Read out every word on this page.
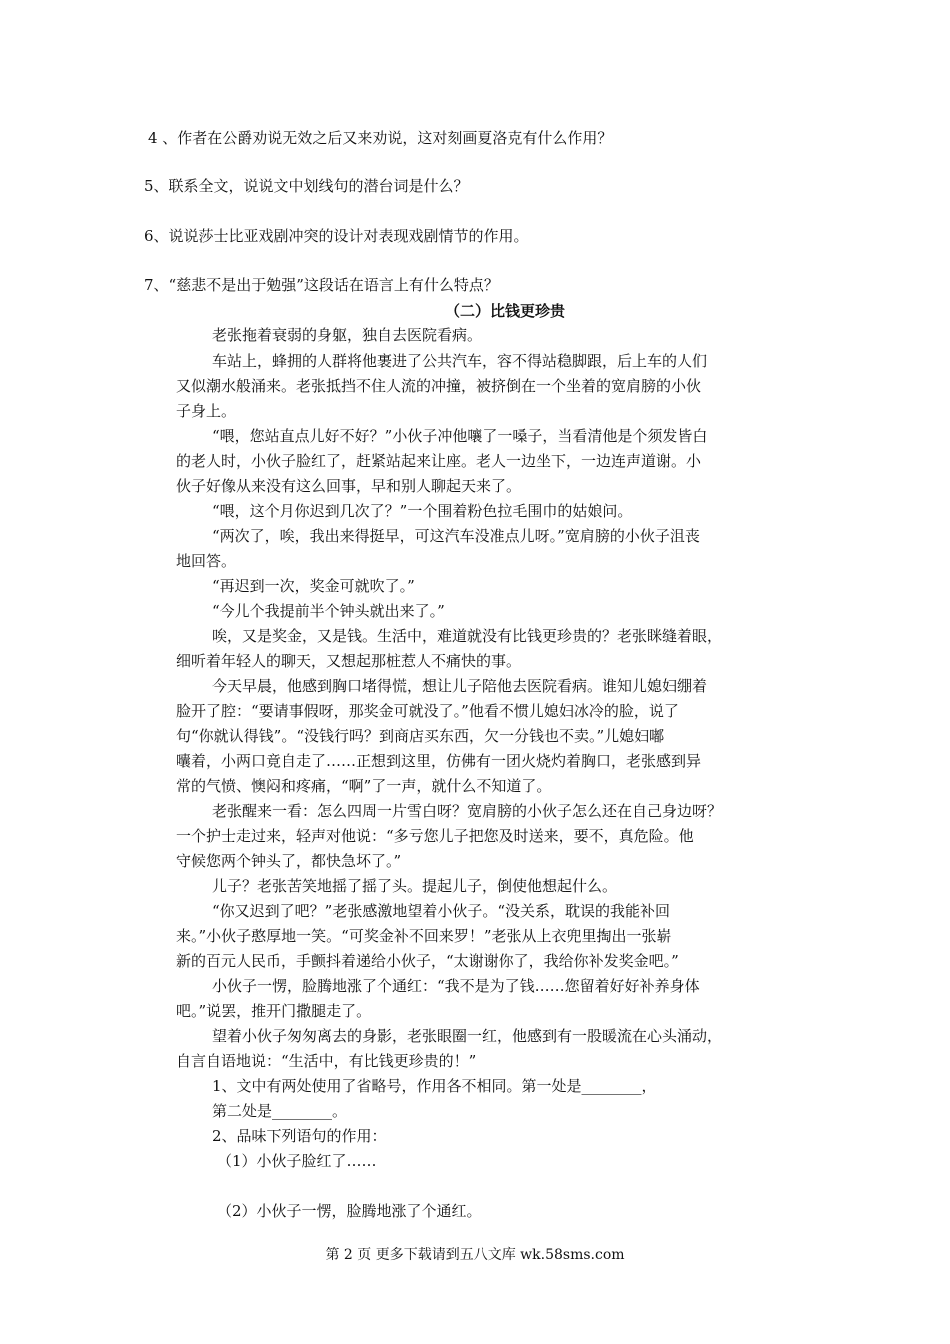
4 、作者在公爵劝说无效之后又来劝说，这对刻画夏洛克有什么作用？
5、联系全文，说说文中划线句的潜台词是什么？
6、说说莎士比亚戏剧冲突的设计对表现戏剧情节的作用。
7、“慈悲不是出于勉强”这段话在语言上有什么特点？
（二）比钱更珍贵
老张拖着衰弱的身躯，独自去医院看病。
车站上，蜂拥的人群将他裹进了公共汽车，容不得站稳脚跟，后上车的人们
又似潮水般涌来。老张抵挡不住人流的冲撞，被挤倒在一个坐着的宽肩膀的小伙
子身上。
“喂，您站直点儿好不好？”小伙子冲他嚷了一嗓子，当看清他是个须发皆白
的老人时，小伙子脸红了，赶紧站起来让座。老人一边坐下，一边连声道谢。小
伙子好像从来没有这么回事，早和别人聊起天来了。
“喂，这个月你迟到几次了？”一个围着粉色拉毛围巾的姑娘问。
“两次了，唉，我出来得挺早，可这汽车没准点儿呀。”宽肩膀的小伙子沮丧
地回答。
“再迟到一次，奖金可就吹了。”
“今儿个我提前半个钟头就出来了。”
唉，又是奖金，又是钱。生活中，难道就没有比钱更珍贵的？老张眯缝着眼，
细听着年轻人的聊天，又想起那桩惹人不痛快的事。
今天早晨，他感到胸口堵得慌，想让儿子陪他去医院看病。谁知儿媳妇绷着
脸开了腔：“要请事假呀，那奖金可就没了。”他看不惯儿媳妇冰冷的脸，说了
句“你就认得钱”。“没钱行吗？到商店买东西，欠一分钱也不卖。”儿媳妇嘟
囔着，小两口竟自走了……正想到这里，仿佛有一团火烧灼着胸口，老张感到异
常的气愤、懊闷和疼痛，“啊”了一声，就什么不知道了。
老张醒来一看：怎么四周一片雪白呀？宽肩膀的小伙子怎么还在自己身边呀？
一个护士走过来，轻声对他说：“多亏您儿子把您及时送来，要不，真危险。他
守候您两个钟头了，都快急坏了。”
儿子？老张苦笑地摇了摇了头。提起儿子，倒使他想起什么。
“你又迟到了吧？”老张感激地望着小伙子。“没关系，耽误的我能补回
来。”小伙子憨厚地一笑。“可奖金补不回来罗！”老张从上衣兜里掏出一张崭
新的百元人民币，手颤抖着递给小伙子，“太谢谢你了，我给你补发奖金吧。”
小伙子一愣，脸腾地涨了个通红：“我不是为了钱……您留着好好补养身体
吧。”说罢，推开门撒腿走了。
望着小伙子匆匆离去的身影，老张眼圈一红，他感到有一股暖流在心头涌动，
自言自语地说：“生活中，有比钱更珍贵的！”
1、文中有两处使用了省略号，作用各不相同。第一处是________，
第二处是________。
2、品味下列语句的作用：
（1）小伙子脸红了……
（2）小伙子一愣，脸腾地涨了个通红。
第 2 页 更多下载请到五八文库 wk.58sms.com
